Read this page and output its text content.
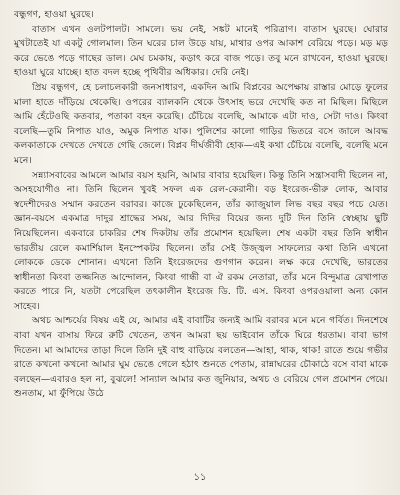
বন্ধুগণ, হাওয়া ঘুরছে।

বাতাস এখন ওলটপালট। সামলে। ভয় নেই, সঙ্কট মানেই পরিত্রাণ। বাতাস ঘুরছে। ঘোরার মুখটাতেই যা একটু গোলমাল। তিন ঘরের চাল উড়ে যায়, মাথার ওপর আকাশ বেরিয়ে পড়ে। মড় মড় করে ভেঙে পড়ে গাছের ডাল। মেঘ চমকায়, কড়াৎ করে বাজ পড়ে। তবু মনে রাখবেন, হাওয়া ঘুরছে। হাওয়া ঘুরে যাচ্ছে। হাত বদল হচ্ছে পৃথিবীর অধিকার। দেরি নেই।

প্রিয় বন্ধুগণ, হে চলাচলকারী জনসাধারণ, একদিন আমি বিপ্লবের অপেক্ষায় রাস্তার মোড়ে ফুলের মালা হাতে দাঁড়িয়ে থেকেছি। ওপরের ব্যালকনি থেকে উৎসাহ ভরে দেখেছি কত না মিছিল। মিছিলে আমি হেঁটেওছি কতবার, পতাকা বহন করেছি। চেঁচিয়ে বলেছি, আমাকে এটা দাও, সেটা দাও। কিংবা বলেছি—তুমি নিপাত যাও, অমুক নিপাত যাক। পুলিশের কালো গাড়ির ভিতরে বসে জালে আবদ্ধ কলকাতাকে দেখতে দেখতে গেছি জেলে। বিপ্লব দীর্ঘজীবী হোক—এই কথা চেঁচিয়ে বলেছি, বলেছি মনে মনে।

সন্ন্যাসবাবের আমলে আমার বয়স হয়নি, আমার বাবার হয়েছিল। কিন্তু তিনি সন্ত্রাসবাদী ছিলেন না, অসহযোগীও না। তিনি ছিলেন খুবই সফল এক রেল-কেরানী। বড় ইংরেজ-ভীরু লোক, আবার স্বদেশীদেরও সম্মান করতেন বরাবর। কাজে ঢুকেছিলেন, তাঁর ক্যাজুয়াল লিভ বছর বছর পচে যেত। জ্ঞান-বয়সে একমাত্র দাদুর শ্রাদ্ধের সময়, আর দিদির বিয়ের জন্য দুটি দিন তিনি স্বেচ্ছায় ছুটি নিয়েছিলেন। একবারে চাকরির শেষ দিকটায় তাঁর প্রমোশন হয়েছিল। শেষ একটা বছর তিনি স্বাধীন ভারতীয় রেলে কমার্শিয়াল ইনস্পেকটর ছিলেন। তাঁর সেই উজ্জ্বল সাফল্যের কথা তিনি এখনো লোককে ডেকে শোনান। এখনো তিনি ইংরেজদের গুণগান করেন। লক্ষ করে দেখেছি, ভারতের স্বাধীনতা কিংবা তজ্জনিত আন্দোলন, কিংবা গান্ধী বা ঐ রকম নেতারা, তাঁর মনে বিন্দুমাত্র রেখাপাত করতে পারে নি, যতটা পেরেছিল তৎকালীন ইংরেজ ডি. টি. এস. কিংবা ওপরওয়ালা অন্য কোন সাহেব।

অথচ আশ্চর্যের বিষয় এই যে, আমার এই বাবাটির জন্যই আমি বরাবর মনে মনে গর্বিত। দিনশেষে বাবা যখন বাসায় ফিরে রুটি খেতেন, তখন আমরা ছয় ভাইবোন তাঁকে ঘিরে ধরতাম। বাবা ভাগ দিতেন। মা আমাদের তাড়া দিলে তিনি দুই বাহু বাড়িয়ে বলতেন—আহা, থাক, থাক! রাতে শুয়ে গভীর রাতে কখনো কখনো আমার ঘুম ভেঙে গেলে হঠাৎ শুনতে পেতাম, রান্নাঘরের চৌকাঠে বসে বাবা মাকে বলছেন—এবারও হল না, বুঝলে! সান্যাল আমার কত জুনিয়ার, অথচ ও বেরিয়ে গেল প্রমোশন পেয়ে। শুনতাম, মা ফুঁপিয়ে উঠে

১১
